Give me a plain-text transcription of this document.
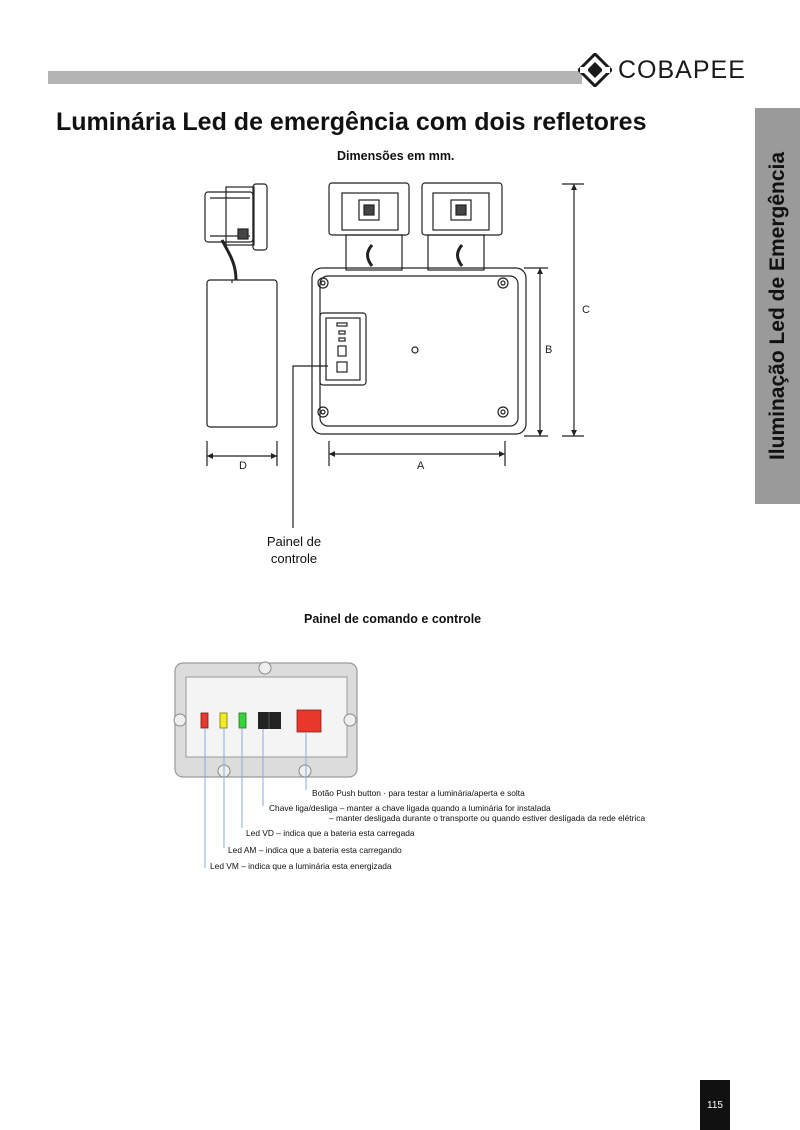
COBAPEE
Luminária Led de emergência com dois refletores
Iluminação Led de Emergência
Dimensões em mm.
D	A
B
C
Painel de
controle
Painel de comando e controle
Botão Push button · para testar a luminária/aperta e solta
Chave liga/desliga – manter a chave ligada quando a luminária for instalada
– manter desligada durante o transporte ou quando estiver desligada da rede elétrica
Led VD – indica que a bateria esta carregada
Led AM – indica que a bateria esta carregando
Led VM – indica que a luminária esta energizada
115
